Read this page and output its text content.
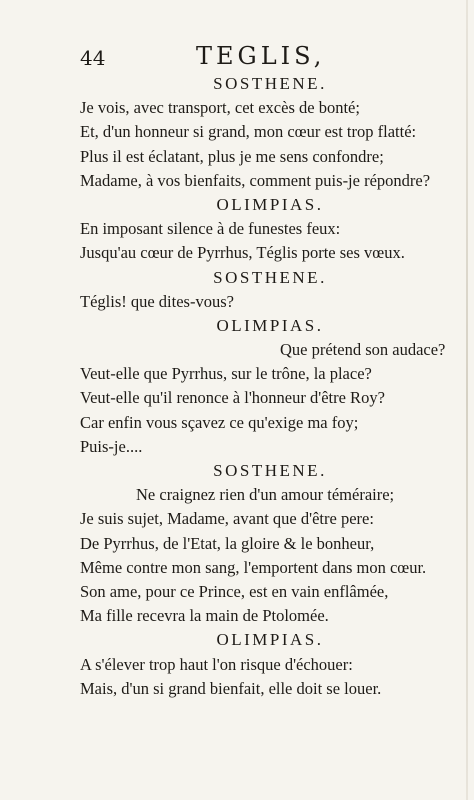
44	TEGLIS,
SOSTHENE.
Je vois, avec transport, cet excès de bonté;
Et, d'un honneur si grand, mon cœur est trop flatté:
Plus il est éclatant, plus je me sens confondre;
Madame, à vos bienfaits, comment puis-je répondre?
OLIMPIAS.
En imposant silence à de funestes feux:
Jusqu'au cœur de Pyrrhus, Téglis porte ses vœux.
SOSTHENE.
Téglis! que dites-vous?
OLIMPIAS.
Que prétend son audace?
Veut-elle que Pyrrhus, sur le trône, la place?
Veut-elle qu'il renonce à l'honneur d'être Roy?
Car enfin vous sçavez ce qu'exige ma foy;
Puis-je....
SOSTHENE.
Ne craignez rien d'un amour téméraire;
Je suis sujet, Madame, avant que d'être pere:
De Pyrrhus, de l'Etat, la gloire & le bonheur,
Même contre mon sang, l'emportent dans mon cœur.
Son ame, pour ce Prince, est en vain enflâmée,
Ma fille recevra la main de Ptolomée.
OLIMPIAS.
A s'élever trop haut l'on risque d'échouer:
Mais, d'un si grand bienfait, elle doit se louer.
